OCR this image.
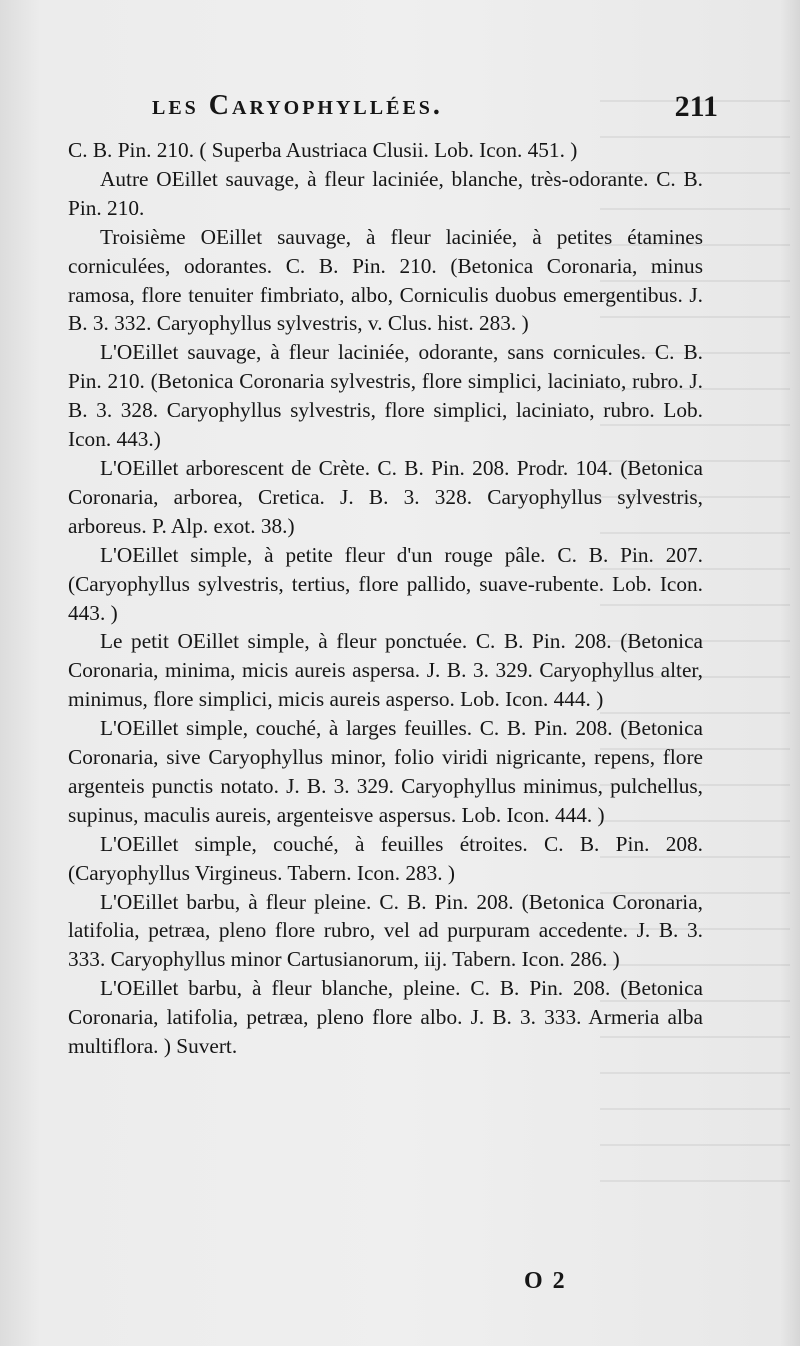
les Caryophyllées.	211

C. B. Pin. 210. ( Superba Austriaca Clusii. Lob. Icon. 451. )

Autre OEillet sauvage, à fleur laciniée, blanche, très-odorante. C. B. Pin. 210.

Troisième OEillet sauvage, à fleur laciniée, à petites étamines corniculées, odorantes. C. B. Pin. 210. (Betonica Coronaria, minus ramosa, flore tenuiter fimbriato, albo, Corniculis duobus emergentibus. J. B. 3. 332. Caryophyllus sylvestris, v. Clus. hist. 283. )

L'OEillet sauvage, à fleur laciniée, odorante, sans cornicules. C. B. Pin. 210. (Betonica Coronaria sylvestris, flore simplici, laciniato, rubro. J. B. 3. 328. Caryophyllus sylvestris, flore simplici, laciniato, rubro. Lob. Icon. 443.)

L'OEillet arborescent de Crète. C. B. Pin. 208. Prodr. 104. (Betonica Coronaria, arborea, Cretica. J. B. 3. 328. Caryophyllus sylvestris, arboreus. P. Alp. exot. 38.)

L'OEillet simple, à petite fleur d'un rouge pâle. C. B. Pin. 207. (Caryophyllus sylvestris, tertius, flore pallido, suave-rubente. Lob. Icon. 443. )

Le petit OEillet simple, à fleur ponctuée. C. B. Pin. 208. (Betonica Coronaria, minima, micis aureis aspersa. J. B. 3. 329. Caryophyllus alter, minimus, flore simplici, micis aureis asperso. Lob. Icon. 444. )

L'OEillet simple, couché, à larges feuilles. C. B. Pin. 208. (Betonica Coronaria, sive Caryophyllus minor, folio viridi nigricante, repens, flore argenteis punctis notato. J. B. 3. 329. Caryophyllus minimus, pulchellus, supinus, maculis aureis, argenteisve aspersus. Lob. Icon. 444. )

L'OEillet simple, couché, à feuilles étroites. C. B. Pin. 208. (Caryophyllus Virgineus. Tabern. Icon. 283. )

L'OEillet barbu, à fleur pleine. C. B. Pin. 208. (Betonica Coronaria, latifolia, petræa, pleno flore rubro, vel ad purpuram accedente. J. B. 3. 333. Caryophyllus minor Cartusianorum, iij. Tabern. Icon. 286. )

L'OEillet barbu, à fleur blanche, pleine. C. B. Pin. 208. (Betonica Coronaria, latifolia, petræa, pleno flore albo. J. B. 3. 333. Armeria alba multiflora. ) Suvert.

O 2
